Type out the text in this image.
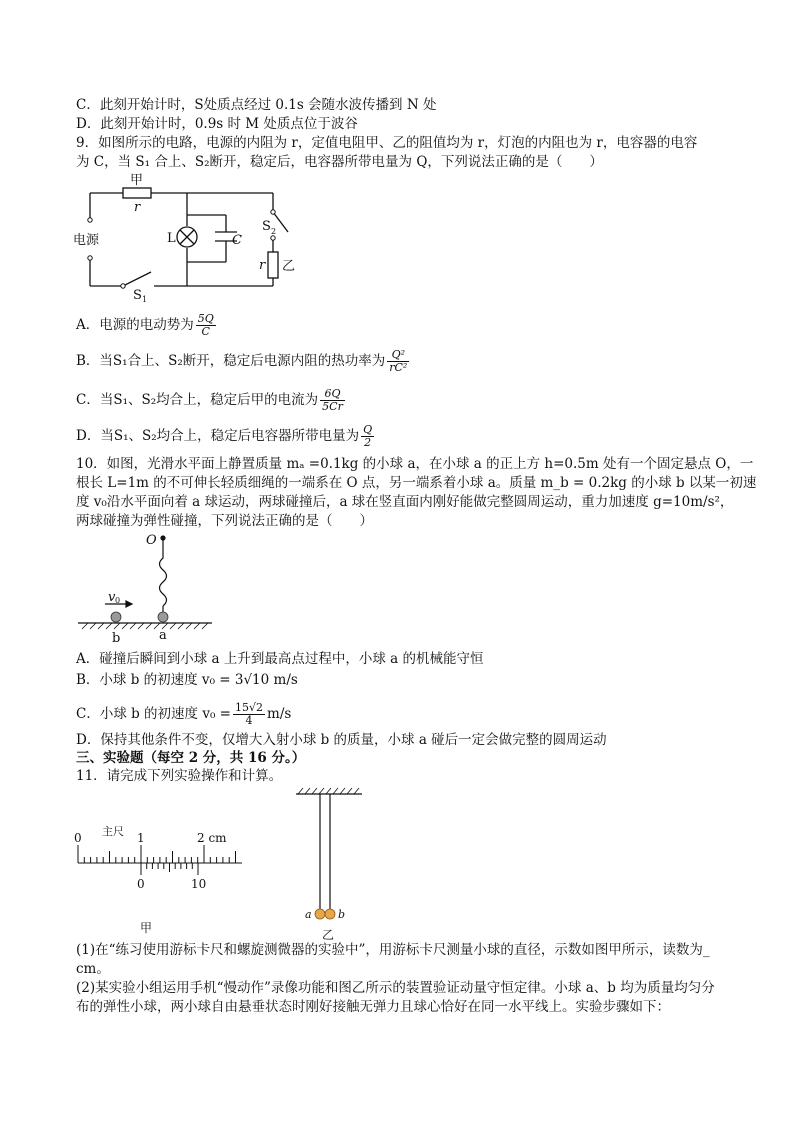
C．此刻开始计时，S处质点经过 0.1s 会随水波传播到 N 处
D．此刻开始计时，0.9s 时 M 处质点位于波谷
9．如图所示的电路，电源的内阻为 r，定值电阻甲、乙的阻值均为 r，灯泡的内阻也为 r，电容器的电容
为 C，当 S₁ 合上、S₂断开，稳定后，电容器所带电量为 Q，下列说法正确的是（　　）
甲
r
L	C
S 2
r 乙
电源
S 1
A．电源的电动势为 $\frac{5Q}{C}$
B．当S₁合上、S₂断开，稳定后电源内阻的热功率为 $\frac{\text{Q²}}{\text{rC²}}$
C．当S₁、S₂均合上，稳定后甲的电流为 $\frac{6Q}{5Cr}$
D．当S₁、S₂均合上，稳定后电容器所带电量为 $\frac{Q}{2}$
10．如图，光滑水平面上静置质量 mₐ =0.1kg 的小球 a，在小球 a 的正上方 h=0.5m 处有一个固定悬点 O，一
根长 L=1m 的不可伸长轻质细绳的一端系在 O 点，另一端系着小球 a。质量 m_b = 0.2kg 的小球 b 以某一初速
度 v₀沿水平面向着 a 球运动，两球碰撞后，a 球在竖直面内刚好能做完整圆周运动，重力加速度 g=10m/s²，
两球碰撞为弹性碰撞，下列说法正确的是（　　）
O
v 0
b	a
A．碰撞后瞬间到小球 a 上升到最高点过程中，小球 a 的机械能守恒
B．小球 b 的初速度 v₀ = 3√10 m/s
C．小球 b 的初速度 $v_0 = \frac{15√2}{4} m/s$
D．保持其他条件不变，仅增大入射小球 b 的质量，小球 a 碰后一定会做完整的圆周运动
三、实验题（每空 2 分，共 16 分。）
11．请完成下列实验操作和计算。
0 主尺 1	2 cm
0	10
甲
a b
乙
(1)在“练习使用游标卡尺和螺旋测微器的实验中”，用游标卡尺测量小球的直径，示数如图甲所示，读数为_
cm。
(2)某实验小组运用手机“慢动作”录像功能和图乙所示的装置验证动量守恒定律。小球 a、b 均为质量均匀分
布的弹性小球，两小球自由悬垂状态时刚好接触无弹力且球心恰好在同一水平线上。实验步骤如下：
